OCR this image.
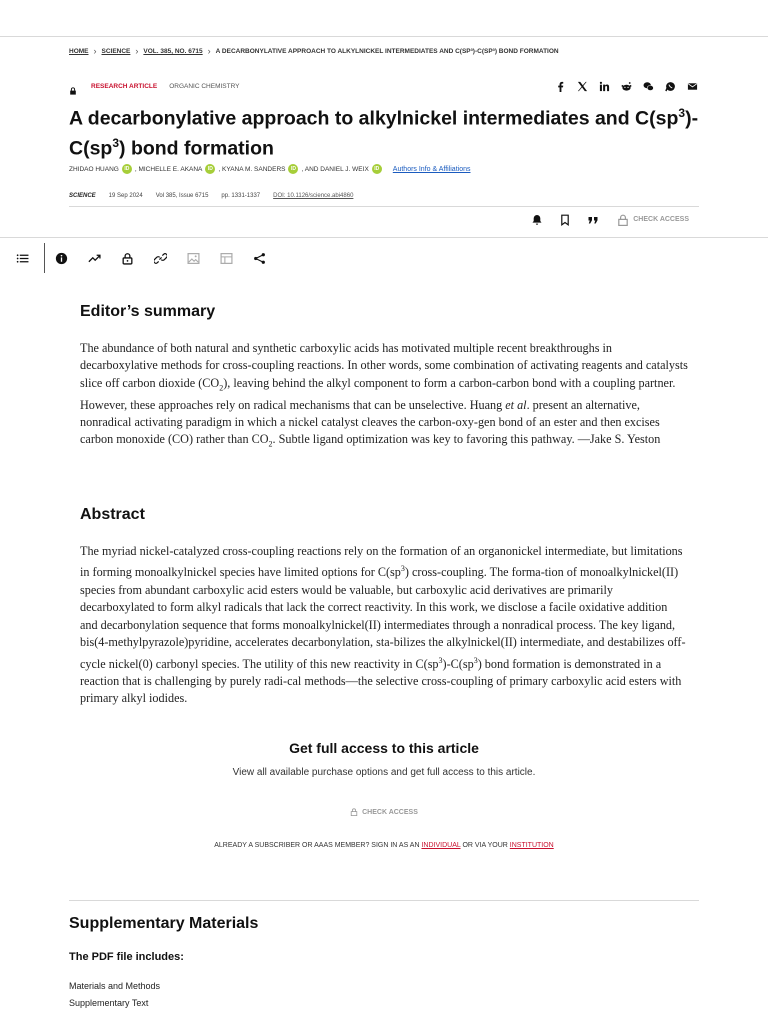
HOME › SCIENCE › VOL. 385, NO. 6715 › A DECARBONYLATIVE APPROACH TO ALKYLNICKEL INTERMEDIATES AND C(SP³)-C(SP³) BOND FORMATION
RESEARCH ARTICLE ORGANIC CHEMISTRY
A decarbonylative approach to alkylnickel intermediates and $C(sp^3)-C(sp^3)$ bond formation
ZHIDAO HUANG	ID , MICHELLE E. AKANA	ID , KYANA M. SANDERS	ID , AND DANIEL J. WEIX	ID	Authors Info & Affiliations
SCIENCE 19 Sep 2024 Vol 385, Issue 6715 pp. 1331-1337 DOI: 10.1126/science.abi4860
CHECK ACCESS
Editor’s summary

The abundance of both natural and synthetic carboxylic acids has motivated multiple recent breakthroughs in decarboxylative methods for cross-coupling reactions. In other words, some combination of activating reagents and catalysts slice off carbon dioxide $(CO_2)$, leaving behind the alkyl component to form a carbon-carbon bond with a coupling partner. However, these approaches rely on radical mechanisms that can be unselective. Huang et al. present an alternative, nonradical activating paradigm in which a nickel catalyst cleaves the carbon-oxy-gen bond of an ester and then excises carbon monoxide (CO) rather than $CO_2$. Subtle ligand optimization was key to favoring this pathway. —Jake S. Yeston

Abstract

The myriad nickel-catalyzed cross-coupling reactions rely on the formation of an organonickel intermediate, but limitations in forming monoalkylnickel species have limited options for $C(sp^3)$ cross-coupling. The forma-tion of monoalkylnickel(II) species from abundant carboxylic acid esters would be valuable, but carboxylic acid derivatives are primarily decarboxylated to form alkyl radicals that lack the correct reactivity. In this work, we disclose a facile oxidative addition and decarbonylation sequence that forms monoalkylnickel(II) intermediates through a nonradical process. The key ligand, bis(4-methylpyrazole)pyridine, accelerates decarbonylation, sta-bilizes the alkylnickel(II) intermediate, and destabilizes off-cycle nickel(0) carbonyl species. The utility of this new reactivity in $C(sp^3)-C(sp^3)$ bond formation is demonstrated in a reaction that is challenging by purely radi-cal methods—the selective cross-coupling of primary carboxylic acid esters with primary alkyl iodides.

Get full access to this article

View all available purchase options and get full access to this article.

CHECK ACCESS

ALREADY A SUBSCRIBER OR AAAS MEMBER? SIGN IN AS AN INDIVIDUAL OR VIA YOUR INSTITUTION

Supplementary Materials
The PDF file includes:
Materials and Methods
Supplementary Text
